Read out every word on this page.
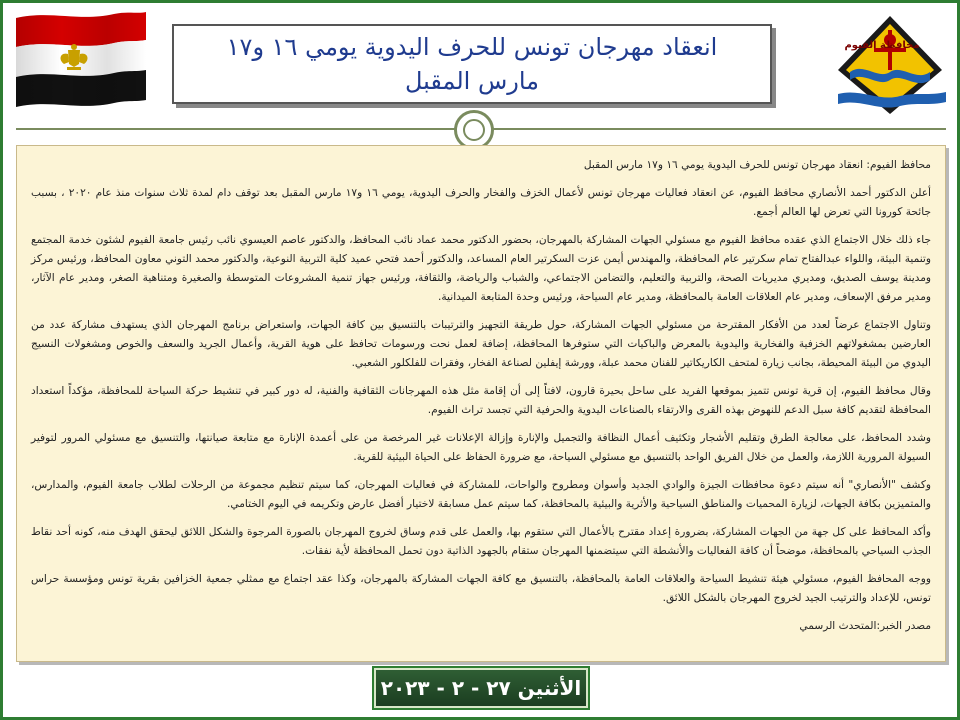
محافظة الفيوم
انعقاد مهرجان تونس للحرف اليدوية يومي ١٦ و١٧
مارس المقبل

محافظ الفيوم: انعقاد مهرجان تونس للحرف اليدوية يومي ١٦ و١٧ مارس المقبل

أعلن الدكتور أحمد الأنصاري محافظ الفيوم، عن انعقاد فعاليات مهرجان تونس لأعمال الخزف والفخار والحرف اليدوية، يومي ١٦ و١٧ مارس المقبل بعد توقف دام لمدة ثلاث سنوات منذ عام ٢٠٢٠ ، بسبب جائحة كورونا التي تعرض لها العالم أجمع.

جاء ذلك خلال الاجتماع الذي عقده محافظ الفيوم مع مسئولي الجهات المشاركة بالمهرجان، بحضور الدكتور محمد عماد نائب المحافظ، والدكتور عاصم العيسوي نائب رئيس جامعة الفيوم لشئون خدمة المجتمع وتنمية البيئة، واللواء عبدالفتاح تمام سكرتير عام المحافظة، والمهندس أيمن عزت السكرتير العام المساعد، والدكتور أحمد فتحي عميد كلية التربية النوعية، والدكتور محمد التوني معاون المحافظ، ورئيس مركز ومدينة يوسف الصديق، ومديري مديريات الصحة، والتربية والتعليم، والتضامن الاجتماعي، والشباب والرياضة، والثقافة، ورئيس جهاز تنمية المشروعات المتوسطة والصغيرة ومتناهية الصغر، ومدير عام الآثار، ومدير مرفق الإسعاف، ومدير عام العلاقات العامة بالمحافظة، ومدير عام السياحة، ورئيس وحدة المتابعة الميدانية.

وتناول الاجتماع عرضاً لعدد من الأفكار المقترحة من مسئولي الجهات المشاركة، حول طريقة التجهيز والترتيبات بالتنسيق بين كافة الجهات، واستعراض برنامج المهرجان الذي يستهدف مشاركة عدد من العارضين بمشغولاتهم الخزفية والفخارية واليدوية بالمعرض والباكيات التي ستوفرها المحافظة، إضافة لعمل نحت ورسومات تحافظ على هوية القرية، وأعمال الجريد والسعف والخوص ومشغولات النسيج اليدوي من البيئة المحيطة، بجانب زيارة لمتحف الكاريكاتير للفنان محمد عبلة، وورشة إيفلين لصناعة الفخار، وفقرات للفلكلور الشعبي.

وقال محافظ الفيوم، إن قرية تونس تتميز بموقعها الفريد على ساحل بحيرة قارون، لافتاً إلى أن إقامة مثل هذه المهرجانات الثقافية والفنية، له دور كبير في تنشيط حركة السياحة للمحافظة، مؤكداً استعداد المحافظة لتقديم كافة سبل الدعم للنهوض بهذه القرى والارتقاء بالصناعات اليدوية والحرفية التي تجسد تراث الفيوم.

وشدد المحافظ، على معالجة الطرق وتقليم الأشجار وتكثيف أعمال النظافة والتجميل والإنارة وإزالة الإعلانات غير المرخصة من على أعمدة الإنارة مع متابعة صيانتها، والتنسيق مع مسئولي المرور لتوفير السيولة المرورية اللازمة، والعمل من خلال الفريق الواحد بالتنسيق مع مسئولي السياحة، مع ضرورة الحفاظ على الحياة البيئية للقرية.

وكشف "الأنصاري" أنه سيتم دعوة محافظات الجيزة والوادي الجديد وأسوان ومطروح والواحات، للمشاركة في فعاليات المهرجان، كما سيتم تنظيم مجموعة من الرحلات لطلاب جامعة الفيوم، والمدارس، والمتميزين بكافة الجهات، لزيارة المحميات والمناطق السياحية والأثرية والبيئية بالمحافظة، كما سيتم عمل مسابقة لاختيار أفضل عارض وتكريمه في اليوم الختامي.

وأكد المحافظ على كل جهة من الجهات المشاركة، بضرورة إعداد مقترح بالأعمال التي ستقوم بها، والعمل على قدم وساق لخروج المهرجان بالصورة المرجوة والشكل اللائق ليحقق الهدف منه، كونه أحد نقاط الجذب السياحي بالمحافظة، موضحاً أن كافة الفعاليات والأنشطة التي سيتضمنها المهرجان ستقام بالجهود الذاتية دون تحمل المحافظة لأية نفقات.

ووجه المحافظ الفيوم، مسئولي هيئة تنشيط السياحة والعلاقات العامة بالمحافظة، بالتنسيق مع كافة الجهات المشاركة بالمهرجان، وكذا عقد اجتماع مع ممثلي جمعية الخزافين بقرية تونس ومؤسسة حراس تونس، للإعداد والترتيب الجيد لخروج المهرجان بالشكل اللائق.

مصدر الخبر:المتحدث الرسمي

الأثنين ٢٧ - ٢ - ٢٠٢٣
